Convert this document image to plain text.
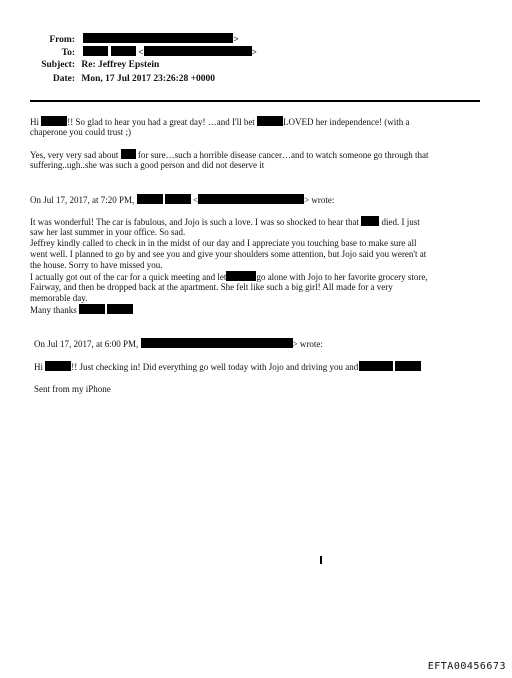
From:	>
To:	<	>
Subject: Re: Jeffrey Epstein
Date: Mon, 17 Jul 2017 23:26:28 +0000
Hi	!! So glad to hear you had a great day! …and I'll bet	LOVED her independence! (with a
chaperone you could trust ;)
Yes, very very sad about for sure…such a horrible disease cancer…and to watch someone go through that
suffering..ugh..she was such a good person and did not deserve it
On Jul 17, 2017, at 7:20 PM,	<	> wrote:
It was wonderful! The car is fabulous, and Jojo is such a love. I was so shocked to hear that	died. I just
saw her last summer in your office. So sad.
Jeffrey kindly called to check in in the midst of our day and I appreciate you touching base to make sure all
went well. I planned to go by and see you and give your shoulders some attention, but Jojo said you weren't at
the house. Sorry to have missed you.
I actually got out of the car for a quick meeting and let	go alone with Jojo to her favorite grocery store,
Fairway, and then be dropped back at the apartment. She felt like such a big girl! All made for a very
memorable day.
Many thanks
On Jul 17, 2017, at 6:00 PM,	> wrote:
Hi	!! Just checking in! Did everything go well today with Jojo and driving you and
Sent from my iPhone
EFTA00456673
